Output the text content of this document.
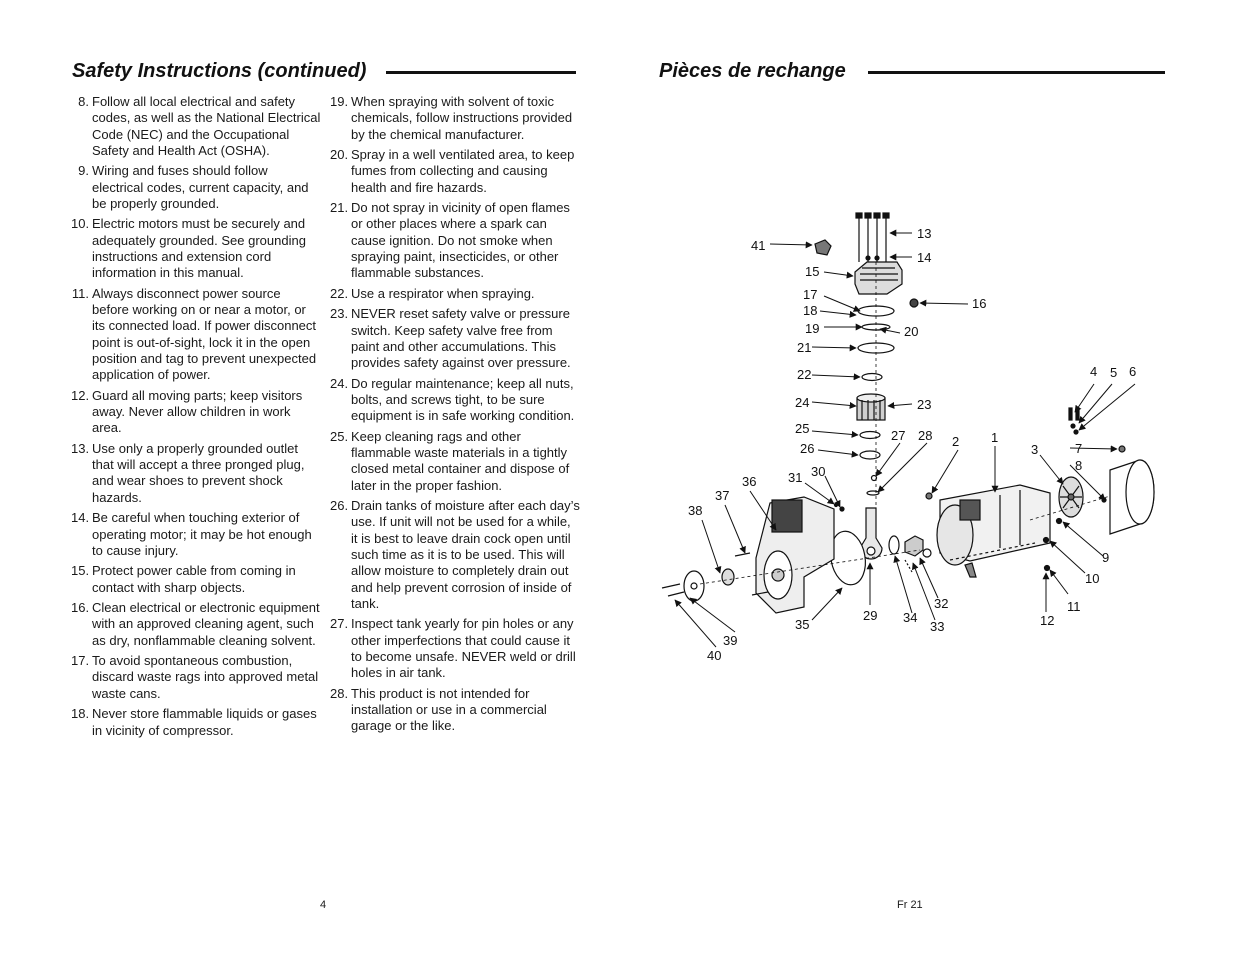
Safety Instructions (continued)
8. Follow all local electrical and safety codes, as well as the National Electrical Code (NEC) and the Occupational Safety and Health Act (OSHA).
9. Wiring and fuses should follow electrical codes, current capacity, and be properly grounded.
10. Electric motors must be securely and adequately grounded. See grounding instructions and extension cord information in this manual.
11. Always disconnect power source before working on or near a motor, or its connected load. If power disconnect point is out-of-sight, lock it in the open position and tag to prevent unexpected application of power.
12. Guard all moving parts; keep visitors away. Never allow children in work area.
13. Use only a properly grounded outlet that will accept a three pronged plug, and wear shoes to prevent shock hazards.
14. Be careful when touching exterior of operating motor; it may be hot enough to cause injury.
15. Protect power cable from coming in contact with sharp objects.
16. Clean electrical or electronic equipment with an approved cleaning agent, such as dry, nonflammable cleaning solvent.
17. To avoid spontaneous combustion, discard waste rags into approved metal waste cans.
18. Never store flammable liquids or gases in vicinity of compressor.
19. When spraying with solvent of toxic chemicals, follow instructions provided by the chemical manufacturer.
20. Spray in a well ventilated area, to keep fumes from collecting and causing health and fire hazards.
21. Do not spray in vicinity of open flames or other places where a spark can cause ignition. Do not smoke when spraying paint, insecticides, or other flammable substances.
22. Use a respirator when spraying.
23. NEVER reset safety valve or pressure switch. Keep safety valve free from paint and other accumulations. This provides safety against over pressure.
24. Do regular maintenance; keep all nuts, bolts, and screws tight, to be sure equipment is in safe working condition.
25. Keep cleaning rags and other flammable waste materials in a tightly closed metal container and dispose of later in the proper fashion.
26. Drain tanks of moisture after each day’s use. If unit will not be used for a while, it is best to leave drain cock open until such time as it is to be used. This will allow moisture to completely drain out and help prevent corrosion of inside of tank.
27. Inspect tank yearly for pin holes or any other imperfections that could cause it to become unsafe. NEVER weld or drill holes in air tank.
28. This product is not intended for installation or use in a commercial garage or the like.
4
Pièces de rechange
1
2
3
4 5 6
7
8
9
10
11
12
13
14
15
16
17
18
19	20
21
22
23
24
25
26
27 28
29
30
31
32
33
34
35
36
37
38
39
40
41
Fr 21
